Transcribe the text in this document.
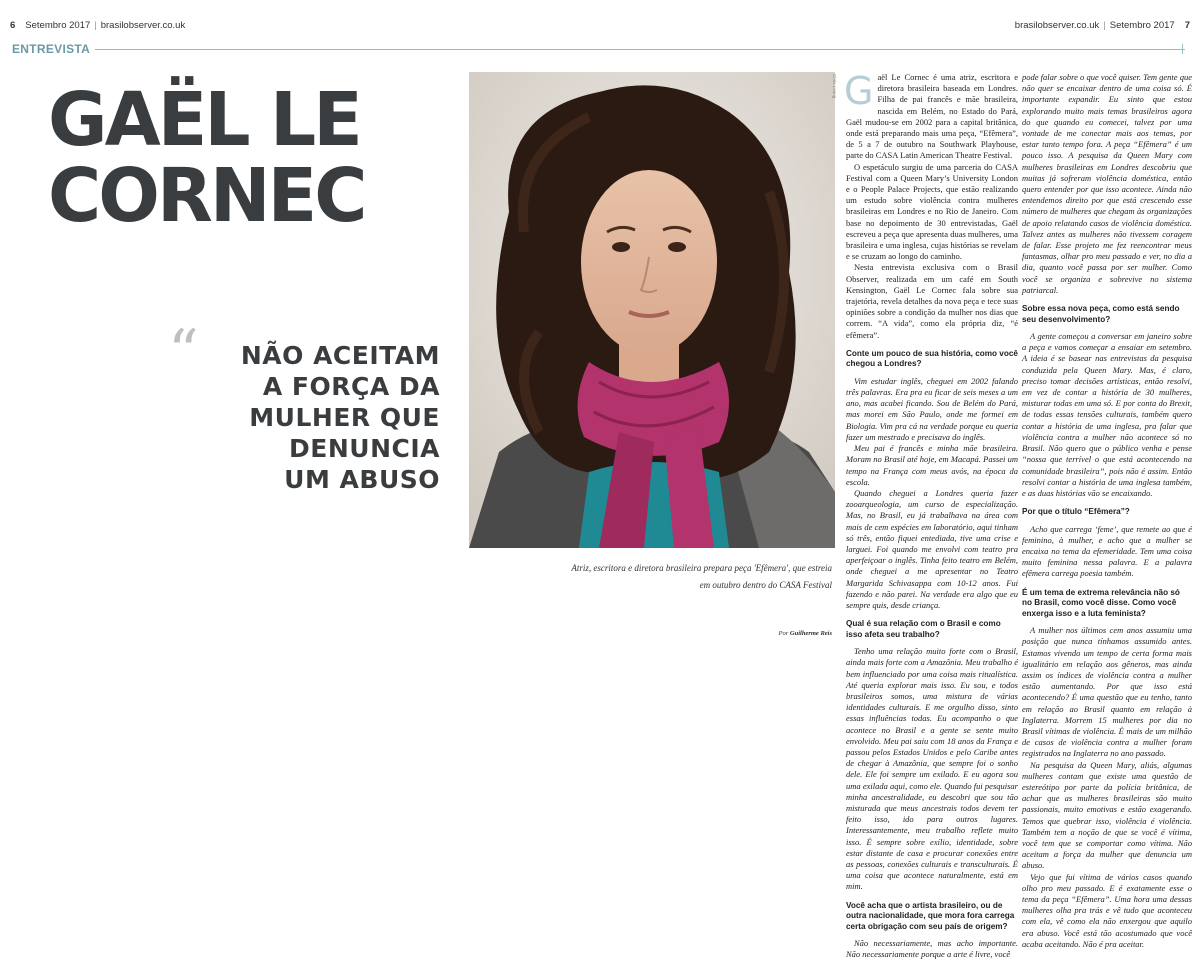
6 Setembro 2017 | brasilobserver.co.uk	brasilobserver.co.uk | Setembro 2017 7
ENTREVISTA
GAËL LE
CORNEC
“	NÃO ACEITAM
A FORÇA DA
MULHER QUE
DENUNCIA
UM ABUSO
Chris Leung
Atriz, escritora e diretora brasileira prepara peça 'Efêmera', que estreia em outubro dentro do CASA Festival
Por Guilherme Reis

Gaël Le Cornec é uma atriz, escritora e diretora brasileira baseada em Londres. Filha de pai francês e mãe brasileira, nascida em Belém, no Estado do Pará, Gaël mudou-se em 2002 para a capital britânica, onde está preparando mais uma peça, “Efêmera”, de 5 a 7 de outubro na Southwark Playhouse, parte do CASA Latin American Theatre Festival.

O espetáculo surgiu de uma parceria do CASA Festival com a Queen Mary’s University London e o People Palace Projects, que estão realizando um estudo sobre violência contra mulheres brasileiras em Londres e no Rio de Janeiro. Com base no depoimento de 30 entrevistadas, Gaël escreveu a peça que apresenta duas mulheres, uma brasileira e uma inglesa, cujas histórias se revelam e se cruzam ao longo do caminho.

Nesta entrevista exclusiva com o Brasil Observer, realizada em um café em South Kensington, Gaël Le Cornec fala sobre sua trajetória, revela detalhes da nova peça e tece suas opiniões sobre a condição da mulher nos dias que correm. “A vida”, como ela própria diz, “é efêmera”.

Conte um pouco de sua história, como você chegou a Londres?

Vim estudar inglês, cheguei em 2002 falando três palavras. Era pra eu ficar de seis meses a um ano, mas acabei ficando. Sou de Belém do Pará, mas morei em São Paulo, onde me formei em Biologia. Vim pra cá na verdade porque eu queria fazer um mestrado e precisava do inglês.

Meu pai é francês e minha mãe brasileira. Moram no Brasil até hoje, em Macapá. Passei um tempo na França com meus avós, na época da escola.

Quando cheguei a Londres queria fazer zooarqueologia, um curso de especialização. Mas, no Brasil, eu já trabalhava na área com mais de cem espécies em laboratório, aqui tinham só três, então fiquei entediada, tive uma crise e larguei. Foi quando me envolvi com teatro pra aperfeiçoar o inglês. Tinha feito teatro em Belém, onde cheguei a me apresentar no Teatro Margarida Schivasappa com 10-12 anos. Fui fazendo e não parei. Na verdade era algo que eu sempre quis, desde criança.

Qual é sua relação com o Brasil e como isso afeta seu trabalho?

Tenho uma relação muito forte com o Brasil, ainda mais forte com a Amazônia. Meu trabalho é bem influenciado por uma coisa mais ritualística. Até queria explorar mais isso. Eu sou, e todos brasileiros somos, uma mistura de várias identidades culturais. E me orgulho disso, sinto essas influências todas. Eu acompanho o que acontece no Brasil e a gente se sente muito envolvido. Meu pai saiu com 18 anos da França e passou pelos Estados Unidos e pelo Caribe antes de chegar à Amazônia, que sempre foi o sonho dele. Ele foi sempre um exilado. E eu agora sou uma exilada aqui, como ele. Quando fui pesquisar minha ancestralidade, eu descobri que sou tão misturada que meus ancestrais todos devem ter feito isso, ido para outros lugares. Interessantemente, meu trabalho reflete muito isso. É sempre sobre exílio, identidade, sobre estar distante de casa e procurar conexões entre as pessoas, conexões culturais e transculturais. É uma coisa que acontece naturalmente, está em mim.

Você acha que o artista brasileiro, ou de outra nacionalidade, que mora fora carrega certa obrigação com seu país de origem?

Não necessariamente, mas acho importante. Não necessariamente porque a arte é livre, você

pode falar sobre o que você quiser. Tem gente que não quer se encaixar dentro de uma coisa só. É importante expandir. Eu sinto que estou explorando muito mais temas brasileiros agora do que quando eu comecei, talvez por uma vontade de me conectar mais aos temas, por estar tanto tempo fora. A peça “Efêmera” é um pouco isso. A pesquisa da Queen Mary com mulheres brasileiras em Londres descobriu que muitas já sofreram violência doméstica, então quero entender por que isso acontece. Ainda não entendemos direito por que está crescendo esse número de mulheres que chegam às organizações de apoio relatando casos de violência doméstica. Talvez antes as mulheres não tivessem coragem de falar. Esse projeto me fez reencontrar meus fantasmas, olhar pro meu passado e ver, no dia a dia, quanto você passa por ser mulher. Como você se organiza e sobrevive no sistema patriarcal.

Sobre essa nova peça, como está sendo seu desenvolvimento?

A gente começou a conversar em janeiro sobre a peça e vamos começar a ensaiar em setembro. A ideia é se basear nas entrevistas da pesquisa conduzida pela Queen Mary. Mas, é claro, preciso tomar decisões artísticas, então resolvi, em vez de contar a história de 30 mulheres, misturar todas em uma só. E por conta do Brexit, de todas essas tensões culturais, também quero contar a história de uma inglesa, pra falar que violência contra a mulher não acontece só no Brasil. Não quero que o público venha e pense “nossa que terrível o que está acontecendo na comunidade brasileira”, pois não é assim. Então resolvi contar a história de uma inglesa também, e as duas histórias vão se encaixando.

Por que o título “Efêmera”?

Acho que carrega ‘feme’, que remete ao que é feminino, à mulher, e acho que a mulher se encaixa no tema da efemeridade. Tem uma coisa muito feminina nessa palavra. E a palavra efêmera carrega poesia também.

É um tema de extrema relevância não só no Brasil, como você disse. Como você enxerga isso e a luta feminista?

A mulher nos últimos cem anos assumiu uma posição que nunca tínhamos assumido antes. Estamos vivendo um tempo de certa forma mais igualitário em relação aos gêneros, mas ainda assim os índices de violência contra a mulher estão aumentando. Por que isso está acontecendo? É uma questão que eu tenho, tanto em relação ao Brasil quanto em relação à Inglaterra. Morrem 15 mulheres por dia no Brasil vítimas de violência. É mais de um milhão de casos de violência contra a mulher foram registrados na Inglaterra no ano passado.

Na pesquisa da Queen Mary, aliás, algumas mulheres contam que existe uma questão de estereótipo por parte da polícia britânica, de achar que as mulheres brasileiras são muito passionais, muito emotivas e estão exagerando. Temos que quebrar isso, violência é violência. Também tem a noção de que se você é vítima, você tem que se comportar como vítima. Não aceitam a força da mulher que denuncia um abuso.

Vejo que fui vítima de vários casos quando olho pro meu passado. E é exatamente esse o tema da peça “Efêmera”. Uma hora uma dessas mulheres olha pra trás e vê tudo que aconteceu com ela, vê como ela não enxergou que aquilo era abuso. Você está tão acostumado que você acaba aceitando. Não é pra aceitar.
